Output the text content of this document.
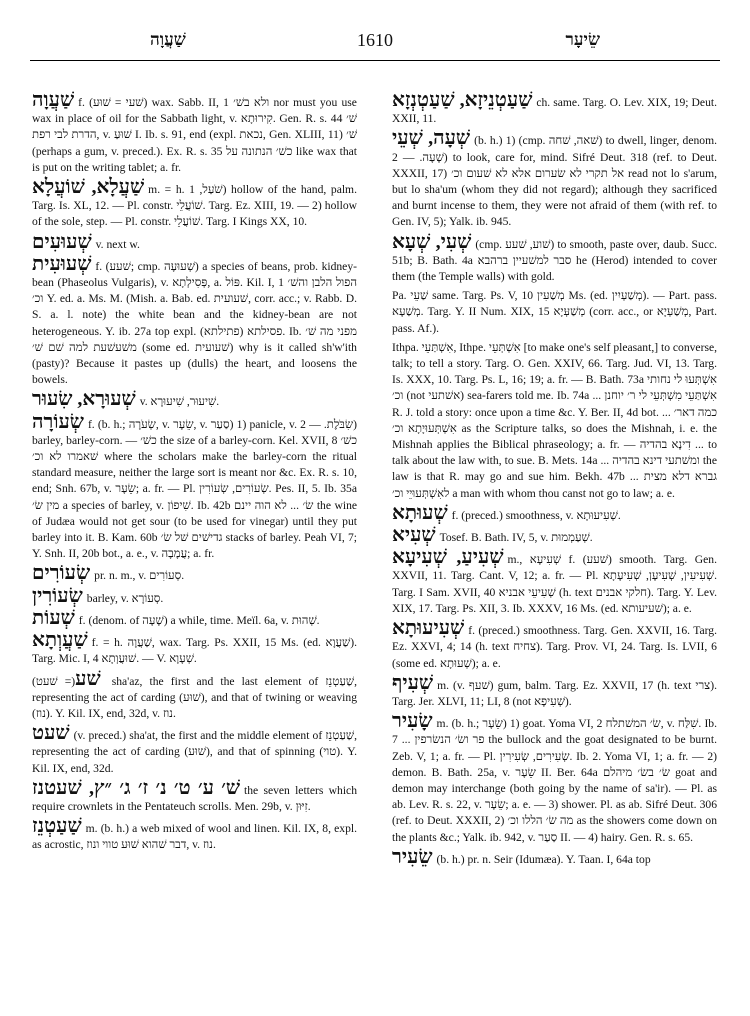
שַׁעֲוָה	1610	שֵׂיעָר

שַׁעֲוָה f. (שׁעי = שׁוּע) wax. Sabb. II, 1 ולא בשׁ׳ nor must you use wax in place of oil for the Sabbath light, v. קִירוּתָא. Gen. R. s. 44 שׁ׳ הדרת לבי רפת, v. שׁוּעַ I. Ib. s. 91, end (expl. נכאת, Gen. XLIII, 11) שׁ׳ (perhaps a gum, v. preced.). Ex. R. s. 35 כשׁ׳ הנתונה על like wax that is put on the writing tablet; a. fr.

שַׁעֲלָא, שׁוֹעֲלָא m. = h. שֹׁעַל, 1) hollow of the hand, palm. Targ. Is. XL, 12. — Pl. constr. שׁוֹעֲלֵי. Targ. Ez. XIII, 19. — 2) hollow of the sole, step. — Pl. constr. שׁוֹעֲלֵי. Targ. I Kings XX, 10.

שְׁעוּעִים v. next w.

שְׁעוּעִית f. (שׁעע; cmp. שְׁעוּעָה) a species of beans, prob. kidney-bean (Phaseolus Vulgaris), v. פְּסִילְתָא, a. פּוֹל. Kil. I, 1 הפול הלבן והשׁ׳ וכ׳ Y. ed. a. Ms. M. (Mish. a. Bab. ed. שׁעועית, corr. acc.; v. Rabb. D. S. a. l. note) the white bean and the kidney-bean are not heterogeneous. Y. ib. 27a top expl. פסילתא (פתילתא). Ib. מפני מה שׁ׳ משׁעשׁעת למה שׁם שׁ׳ (some ed. שׁעועית) why is it called sh'w'ith (pasty)? Because it pastes up (dulls) the heart, and loosens the bowels.

שְׁעוּרָא, שִׂעוּר v. שִׁיעוּר, שִׁיעוּרָא.

שְׂעוֹרָה f. (b. h.; שְׂעֹרָה, v. שֵׂעָר, v. סַעַר) 1) panicle, v. שִׂבֹּלֶת. — 2) barley, barley-corn. — כשׁ׳ the size of a barley-corn. Kel. XVII, 8 כשׁ׳ שׁאמרו לא וכ׳ where the scholars make the barley-corn the ritual standard measure, neither the large sort is meant nor &c. Ex. R. s. 10, end; Snh. 67b, v. שֵׂעָר; a. fr. — Pl. שְׂעוֹרִים, שְׂעוֹרִין. Pes. II, 5. Ib. 35a מין שׂ׳ a species of barley, v. שִׁיפוֹן. Ib. 42b שׂ׳ ... לא הוה יינם the wine of Judæa would not get sour (to be used for vinegar) until they put barley into it. B. Kam. 60b גדישׁים שׁל שׂ׳ stacks of barley. Peah VI, 7; Y. Snh. II, 20b bot., a. e., v. עֲמָבָה; a. fr.

שְׂעוֹרִים pr. n. m., v. סְעוֹרִים.

שְׂעוֹרִין barley, v. סְעוֹרָא.

שְׁעוֹת f. (denom. of שָׁעָה) a while, time. Meïl. 6a, v. שְׁהוּת.

שַׁעֲוְתָא f. = h. שַׁעֲוָה, wax. Targ. Ps. XXII, 15 Ms. (ed. שַׁעֲוָא). Targ. Mic. I, 4 שׁוּעֲוְתָא. — V. שְׁעָוָא.

שׁע(= שׁעט) sha'az, the first and the last element of שַׁעַטְנֵז, representing the act of carding (שׁוּע), and that of twining or weaving (נוז). Y. Kil. IX, end, 32d, v. נוז.

שׁעט (v. preced.) sha'at, the first and the middle element of שַׁעַטְנֵז, representing the act of carding (שׁוּע), and that of spinning (טוי). Y. Kil. IX, end, 32d.

שׁ׳ ע׳ ט׳ נ׳ ז׳ ג׳ ״ץ, שׁעטנז the seven letters which require crownlets in the Pentateuch scrolls. Men. 29b, v. זִיּוּן.

שַׁעַטְנֵז m. (b. h.) a web mixed of wool and linen. Kil. IX, 8, expl. as acrostic, דבר שׁהוא שׁוּע טווי ונוז, v. נוז.

שַׁעַטְנֵיזָא, שַׁעַטְנְזָא ch. same. Targ. O. Lev. XIX, 19; Deut. XXII, 11.

שְׁעָה, שְׁעֵי (b. h.) 1) (cmp. שׁאה, שׁחה) to dwell, linger, denom. שָׁעָה. — 2) to look, care for, mind. Sifré Deut. 318 (ref. to Deut. XXXII, 17) אל תקרי לא שׂערום אלא לא שׁעום וכ׳ read not lo s'arum, but lo sha'um (whom they did not regard); although they sacrificed and burnt incense to them, they were not afraid of them (with ref. to Gen. IV, 5); Yalk. ib. 945.

שְׁעִי, שְׁעָא (cmp. שׁוע, שׁעע) to smooth, paste over, daub. Succ. 51b; B. Bath. 4a סבר למשׁעיין ברהבא he (Herod) intended to cover them (the Temple walls) with gold.

Pa. שַׁעֵי same. Targ. Ps. V, 10 מְשַׁעִין Ms. (ed. מְשַׁעְיִין). — Part. pass. מְשַׁעָא. Targ. Y. II Num. XIX, 15 מְשַׁעְּיָא (corr. acc., or מְשַׁעְיָא, Part. pass. Af.).

Ithpa. אִשְׁתַּעֵי, Ithpe. אִשְׁתְּעֵי [to make one's self pleasant,] to converse, talk; to tell a story. Targ. O. Gen. XXIV, 66. Targ. Jud. VI, 13. Targ. Is. XXX, 10. Targ. Ps. L, 16; 19; a. fr. — B. Bath. 73a אִשְׁתְּעוּ לי נחותי וכ׳ (not אשׁתעי) sea-farers told me. Ib. 74a ... אִשְׁתַּעֵי מִשְׁתְּעֵי לי ר׳ יוחנן R. J. told a story: once upon a time &c. Y. Ber. II, 4d bot. כמה דאר׳ ... אִשְׁתְּעוּיָתָא וכ׳ as the Scripture talks, so does the Mishnah, i. e. the Mishnah applies the Biblical phraseology; a. fr. — דִינָא בהדיה ... to talk about the law with, to sue. B. Mets. 14a ... ומשׁתעי דינא בהדיה the law is that R. may go and sue him. Bekh. 47b ... גברא דלא מצית לאִשְׁתְּעוּיֵי וכ׳ a man with whom thou canst not go to law; a. e.

שְׁעוּתָא f. (preced.) smoothness, v. שְׁעִיעוּתָא.

שְׁעִיא Tosef. B. Bath. IV, 5, v. שְׁעַמְמוּת.

שְׁעִיעַ, שְׁעִיעָא m., שְׁעִיעָא f. (שׁעע) smooth. Targ. Gen. XXVII, 11. Targ. Cant. V, 12; a. fr. — Pl. שְׁעִיעִין, שְׁעִיעָן, שְׁעִיעָתָא. Targ. I Sam. XVII, 40 שְׁעִיעֵי אבניא (h. text חלקי אבנים). Targ. Y. Lev. XIX, 17. Targ. Ps. XII, 3. Ib. XXXV, 16 Ms. (ed. שׁעיעותא); a. e.

שְׁעִיעוּתָא f. (preced.) smoothness. Targ. Gen. XXVII, 16. Targ. Ez. XXVI, 4; 14 (h. text צחיח). Targ. Prov. VI, 24. Targ. Is. LVII, 6 (some ed. שְׁעוּתָא); a. e.

שְׁעִיף m. (v. שׁעף) gum, balm. Targ. Ez. XXVII, 17 (h. text צרי). Targ. Jer. XLVI, 11; LI, 8 (not שְׁעִיפָא).

שָׂעִיר m. (b. h.; שֵׂעָר) 1) goat. Yoma VI, 2 שׂ׳ המשׁתלח, v. שִׁלַּח. Ib. 7 ... פר ושׂ׳ הנשׂרפין the bullock and the goat designated to be burnt. Zeb. V, 1; a. fr. — Pl. שְׂעִירִים, שְׂעִירִין. Ib. 2. Yoma VI, 1; a. fr. — 2) demon. B. Bath. 25a, v. שֵׂעָר II. Ber. 64a שׂ׳ בשׂ׳ מיהלם goat and demon may interchange (both going by the name of sa'ir). — Pl. as ab. Lev. R. s. 22, v. שֵׂעָר; a. e. — 3) shower. Pl. as ab. Sifré Deut. 306 (ref. to Deut. XXXII, 2) מה שׂ׳ הללו וכ׳ as the showers come down on the plants &c.; Yalk. ib. 942, v. סַעַר II. — 4) hairy. Gen. R. s. 65.

שֵׂעִיר (b. h.) pr. n. Seir (Idumæa). Y. Taan. I, 64a top
